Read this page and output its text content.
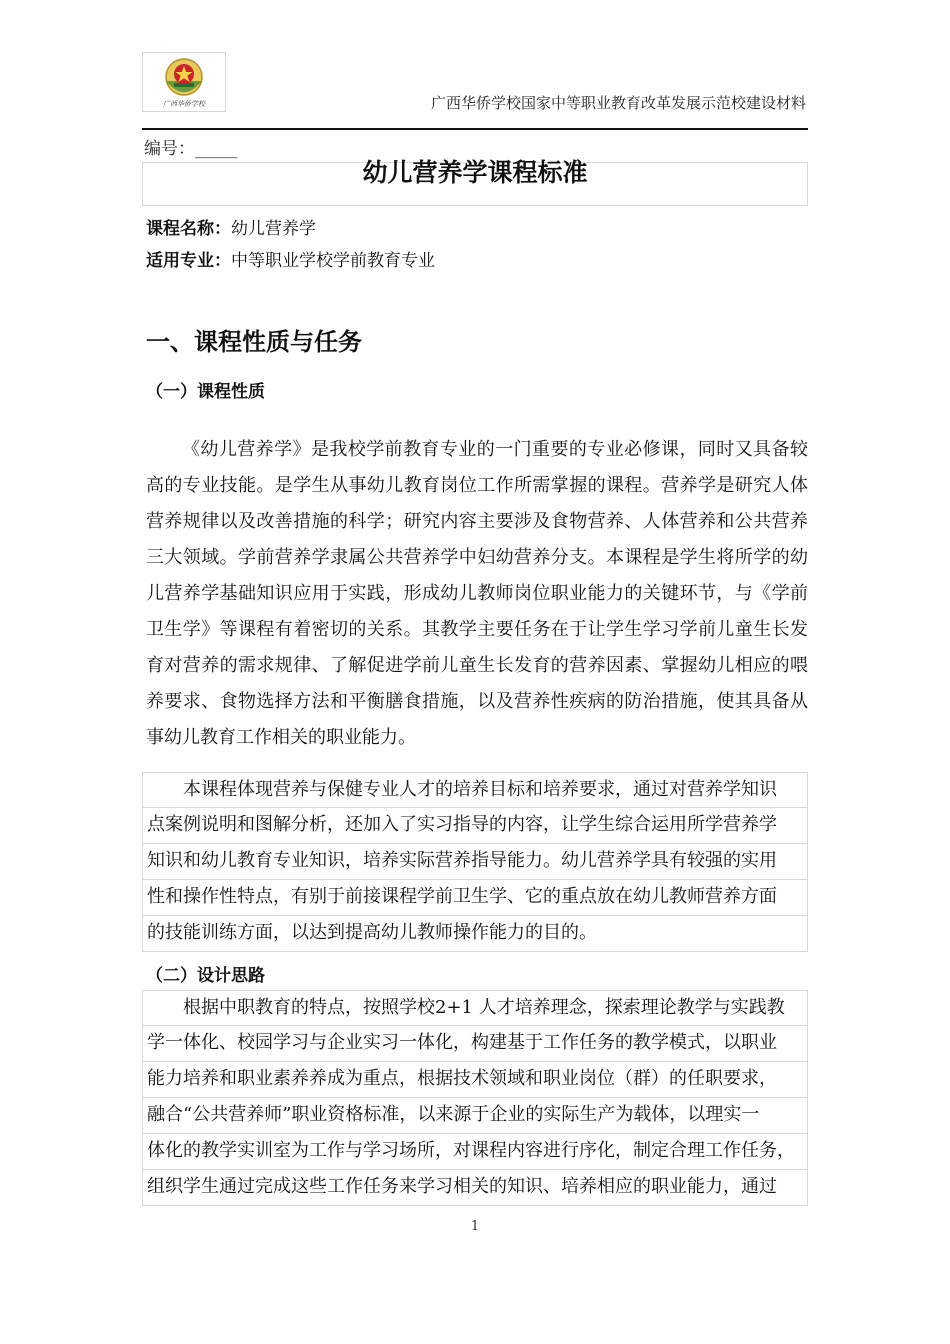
广西华侨学校	广西华侨学校国家中等职业教育改革发展示范校建设材料
编号：_____
幼儿营养学课程标准
课程名称：幼儿营养学
适用专业：中等职业学校学前教育专业
一、课程性质与任务
（一）课程性质
《幼儿营养学》是我校学前教育专业的一门重要的专业必修课，同时又具备较高的专业技能。是学生从事幼儿教育岗位工作所需掌握的课程。营养学是研究人体营养规律以及改善措施的科学；研究内容主要涉及食物营养、人体营养和公共营养三大领域。学前营养学隶属公共营养学中妇幼营养分支。本课程是学生将所学的幼儿营养学基础知识应用于实践，形成幼儿教师岗位职业能力的关键环节，与《学前卫生学》等课程有着密切的关系。其教学主要任务在于让学生学习学前儿童生长发育对营养的需求规律、了解促进学前儿童生长发育的营养因素、掌握幼儿相应的喂养要求、食物选择方法和平衡膳食措施，以及营养性疾病的防治措施，使其具备从事幼儿教育工作相关的职业能力。
　　本课程体现营养与保健专业人才的培养目标和培养要求，通过对营养学知识
点案例说明和图解分析，还加入了实习指导的内容，让学生综合运用所学营养学
知识和幼儿教育专业知识，培养实际营养指导能力。幼儿营养学具有较强的实用
性和操作性特点，有别于前接课程学前卫生学、它的重点放在幼儿教师营养方面
的技能训练方面，以达到提高幼儿教师操作能力的目的。
（二）设计思路
　　根据中职教育的特点，按照学校2+1 人才培养理念，探索理论教学与实践教
学一体化、校园学习与企业实习一体化，构建基于工作任务的教学模式，以职业
能力培养和职业素养养成为重点，根据技术领域和职业岗位（群）的任职要求，
融合“公共营养师”职业资格标准，以来源于企业的实际生产为载体，以理实一
体化的教学实训室为工作与学习场所，对课程内容进行序化，制定合理工作任务，
组织学生通过完成这些工作任务来学习相关的知识、培养相应的职业能力，通过
1
